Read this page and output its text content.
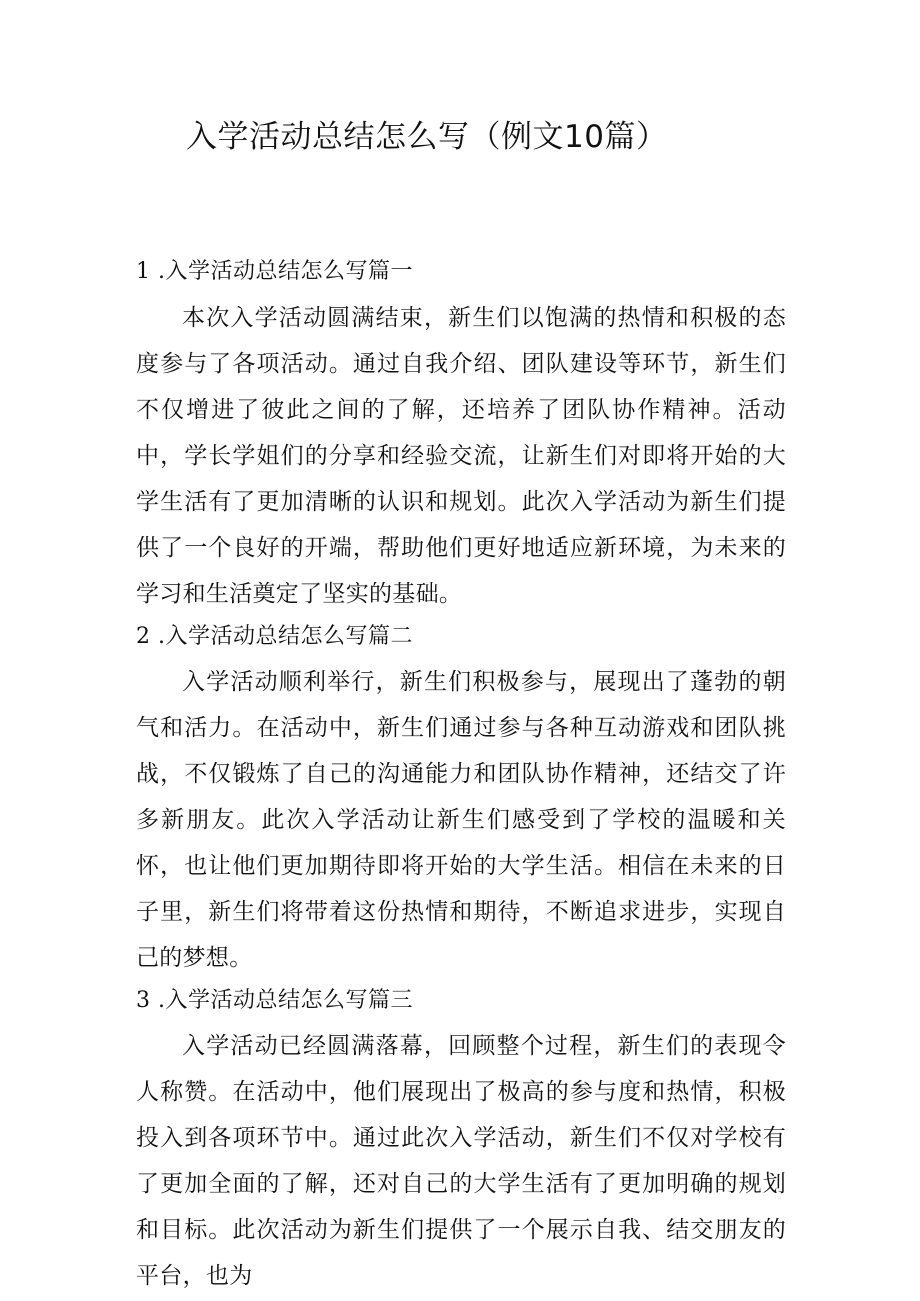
入学活动总结怎么写（例文10篇）

1 .入学活动总结怎么写篇一

本次入学活动圆满结束，新生们以饱满的热情和积极的态度参与了各项活动。通过自我介绍、团队建设等环节，新生们不仅增进了彼此之间的了解，还培养了团队协作精神。活动中，学长学姐们的分享和经验交流，让新生们对即将开始的大学生活有了更加清晰的认识和规划。此次入学活动为新生们提供了一个良好的开端，帮助他们更好地适应新环境，为未来的学习和生活奠定了坚实的基础。

2 .入学活动总结怎么写篇二

入学活动顺利举行，新生们积极参与，展现出了蓬勃的朝气和活力。在活动中，新生们通过参与各种互动游戏和团队挑战，不仅锻炼了自己的沟通能力和团队协作精神，还结交了许多新朋友。此次入学活动让新生们感受到了学校的温暖和关怀，也让他们更加期待即将开始的大学生活。相信在未来的日子里，新生们将带着这份热情和期待，不断追求进步，实现自己的梦想。

3 .入学活动总结怎么写篇三

入学活动已经圆满落幕，回顾整个过程，新生们的表现令人称赞。在活动中，他们展现出了极高的参与度和热情，积极投入到各项环节中。通过此次入学活动，新生们不仅对学校有了更加全面的了解，还对自己的大学生活有了更加明确的规划和目标。此次活动为新生们提供了一个展示自我、结交朋友的平台，也为
